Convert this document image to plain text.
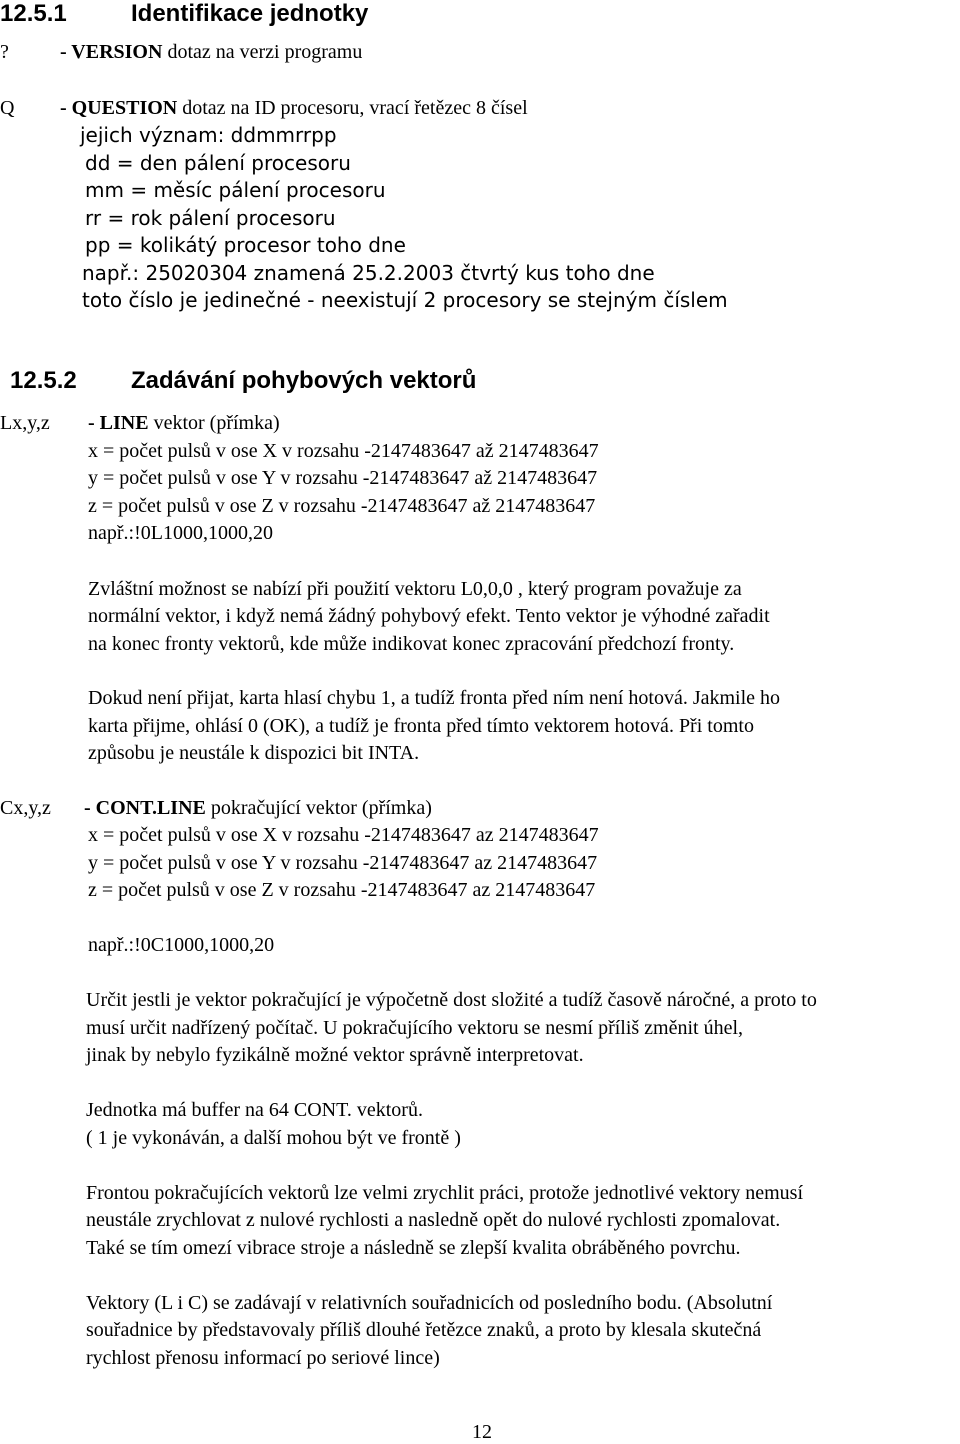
12.5.1	Identifikace jednotky
?	- VERSION dotaz na verzi programu
Q - QUESTION dotaz na ID procesoru, vrací řetězec 8 čísel
jejich význam: ddmmrrpp
dd = den pálení procesoru
mm = měsíc pálení procesoru
rr = rok pálení procesoru
pp = kolikátý procesor toho dne
např.: 25020304 znamená 25.2.2003 čtvrtý kus toho dne
toto číslo je jedinečné - neexistují 2 procesory se stejným číslem
12.5.2 Zadávání pohybových vektorů
Lx,y,z - LINE vektor (přímka)
x = počet pulsů v ose X v rozsahu -2147483647 až 2147483647
y = počet pulsů v ose Y v rozsahu -2147483647 až 2147483647
z = počet pulsů v ose Z v rozsahu -2147483647 až 2147483647
např.:!0L1000,1000,20
Zvláštní možnost se nabízí při použití vektoru L0,0,0 , který program považuje za
normální vektor, i když nemá žádný pohybový efekt. Tento vektor je výhodné zařadit
na konec fronty vektorů, kde může indikovat konec zpracování předchozí fronty.
Dokud není přijat, karta hlasí chybu 1, a tudíž fronta před ním není hotová. Jakmile ho
karta přijme, ohlásí 0 (OK), a tudíž je fronta před tímto vektorem hotová. Při tomto
způsobu je neustále k dispozici bit INTA.
Cx,y,z - CONT.LINE pokračující vektor (přímka)
x = počet pulsů v ose X v rozsahu -2147483647 az 2147483647
y = počet pulsů v ose Y v rozsahu -2147483647 az 2147483647
z = počet pulsů v ose Z v rozsahu -2147483647 az 2147483647
např.:!0C1000,1000,20
Určit jestli je vektor pokračující je výpočetně dost složité a tudíž časově náročné, a proto to
musí určit nadřízený počítač. U pokračujícího vektoru se nesmí příliš změnit úhel,
jinak by nebylo fyzikálně možné vektor správně interpretovat.
Jednotka má buffer na 64 CONT. vektorů.
( 1 je vykonáván, a další mohou být ve frontě )
Frontou pokračujících vektorů lze velmi zrychlit práci, protože jednotlivé vektory nemusí
neustále zrychlovat z nulové rychlosti a nasledně opět do nulové rychlosti zpomalovat.
Také se tím omezí vibrace stroje a následně se zlepší kvalita obráběného povrchu.
Vektory (L i C) se zadávají v relativních souřadnicích od posledního bodu. (Absolutní
souřadnice by představovaly příliš dlouhé řetězce znaků, a proto by klesala skutečná
rychlost přenosu informací po seriové lince)
12
